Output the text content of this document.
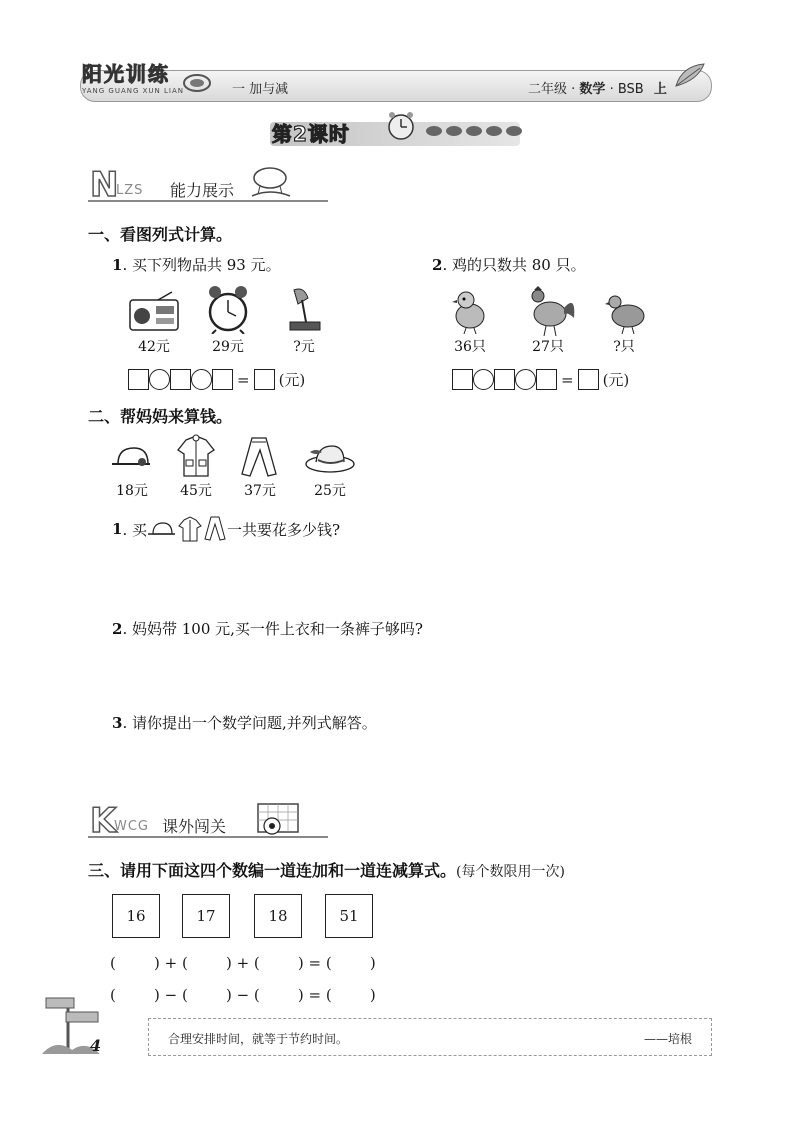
阳光训练
YANG GUANG XUN LIAN	一 加与减	二年级 · 数学 · BSB 上
第2课时
N
LZS 能力展示
一、看图列式计算。
1. 买下列物品共 93 元。	2. 鸡的只数共 80 只。
42元	29元	?元
= (元)
36只	27只	?只
= (元)
二、帮妈妈来算钱。
18元	45元	37元	25元
1 . 买	一共要花多少钱?
2. 妈妈带 100 元,买一件上衣和一条裤子够吗?
3. 请你提出一个数学问题,并列式解答。
K
WCG 课外闯关
三、请用下面这四个数编一道连加和一道连减算式。(每个数限用一次)
16	17	18	51
(        ) + (        ) + (        ) = (        )
(        ) − (        ) − (        ) = (        )
4	合理安排时间，就等于节约时间。	——培根
